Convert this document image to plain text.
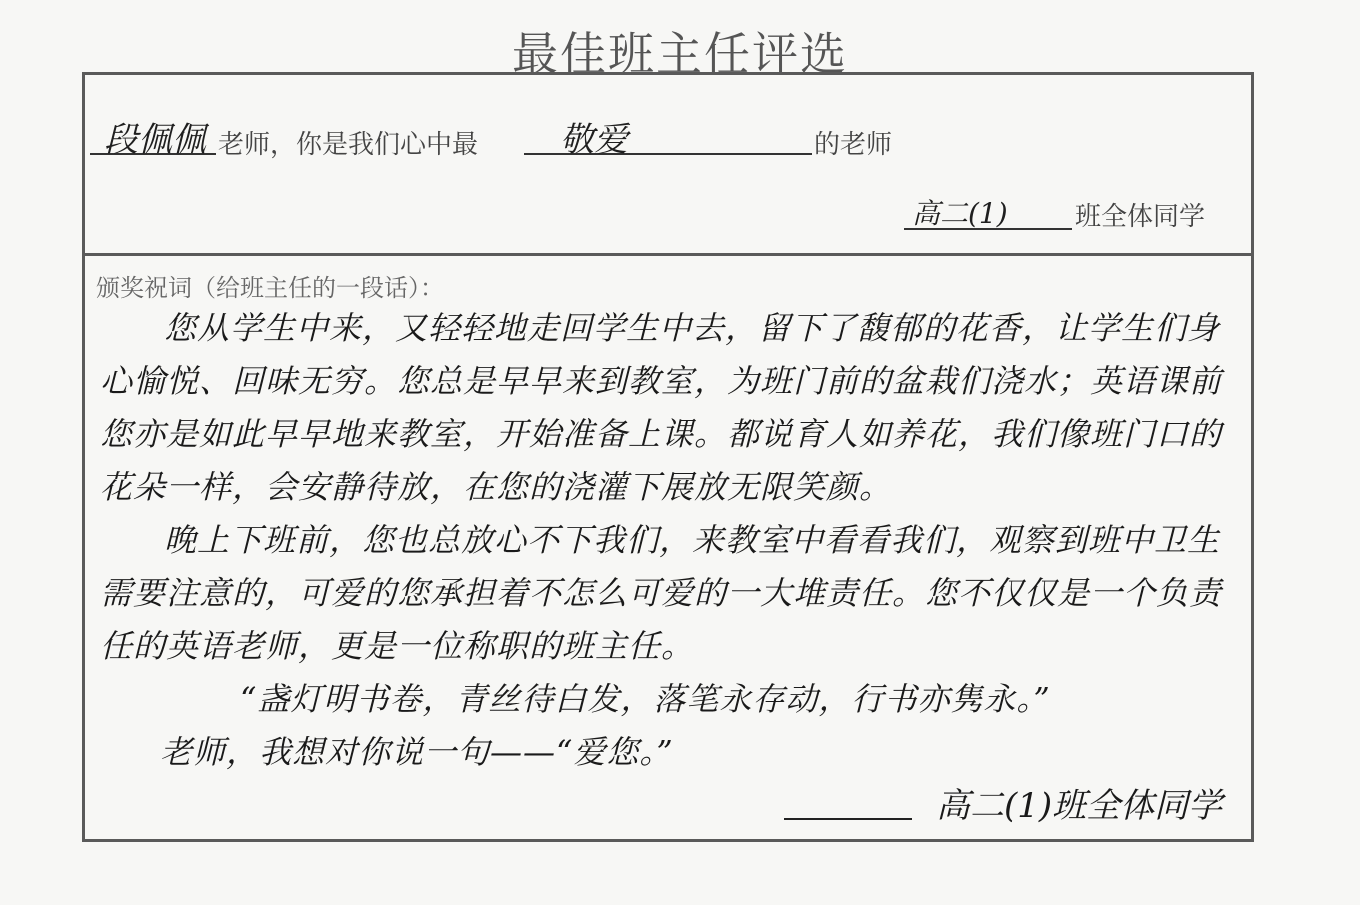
最佳班主任评选
段佩佩 老师，你是我们心中最 敬爱	的老师
高二(1)	班全体同学
颁奖祝词（给班主任的一段话）：

您从学生中来，又轻轻地走回学生中去，留下了馥郁的花香，让学生们身心愉悦、回味无穷。您总是早早来到教室，为班门前的盆栽们浇水；英语课前您亦是如此早早地来教室，开始准备上课。都说育人如养花，我们像班门口的花朵一样，会安静待放，在您的浇灌下展放无限笑颜。

晚上下班前，您也总放心不下我们，来教室中看看我们，观察到班中卫生需要注意的，可爱的您承担着不怎么可爱的一大堆责任。您不仅仅是一个负责任的英语老师，更是一位称职的班主任。

“盏灯明书卷，青丝待白发，落笔永存动，行书亦隽永。”

老师，我想对你说一句——“爱您。”

高二(1)班全体同学
